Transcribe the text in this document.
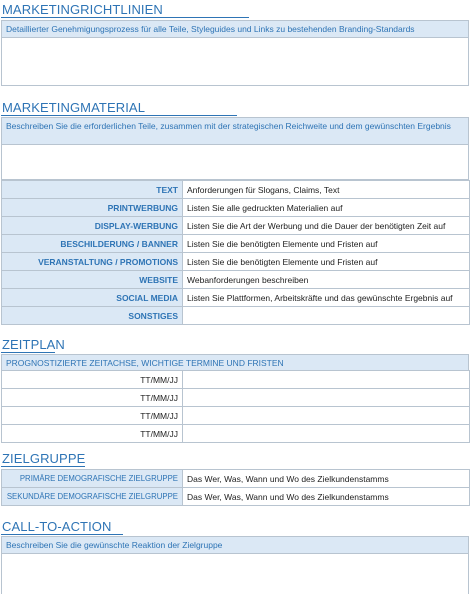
MARKETINGRICHTLINIEN
Detaillierter Genehmigungsprozess für alle Teile, Styleguides und Links zu bestehenden Branding-Standards
MARKETINGMATERIAL
Beschreiben Sie die erforderlichen Teile, zusammen mit der strategischen Reichweite und dem gewünschten Ergebnis
TEXT	Anforderungen für Slogans, Claims, Text
PRINTWERBUNG	Listen Sie alle gedruckten Materialien auf
DISPLAY-WERBUNG	Listen Sie die Art der Werbung und die Dauer der benötigten Zeit auf
BESCHILDERUNG / BANNER	Listen Sie die benötigten Elemente und Fristen auf
VERANSTALTUNG / PROMOTIONS	Listen Sie die benötigten Elemente und Fristen auf
WEBSITE	Webanforderungen beschreiben
SOCIAL MEDIA	Listen Sie Plattformen, Arbeitskräfte und das gewünschte Ergebnis auf
SONSTIGES	
ZEITPLAN
PROGNOSTIZIERTE ZEITACHSE, WICHTIGE TERMINE UND FRISTEN
TT/MM/JJ	
TT/MM/JJ	
TT/MM/JJ	
TT/MM/JJ	
ZIELGRUPPE
PRIMÄRE DEMOGRAFISCHE ZIELGRUPPE	Das Wer, Was, Wann und Wo des Zielkundenstamms
SEKUNDÄRE DEMOGRAFISCHE ZIELGRUPPE	Das Wer, Was, Wann und Wo des Zielkundenstamms
CALL-TO-ACTION
Beschreiben Sie die gewünschte Reaktion der Zielgruppe
